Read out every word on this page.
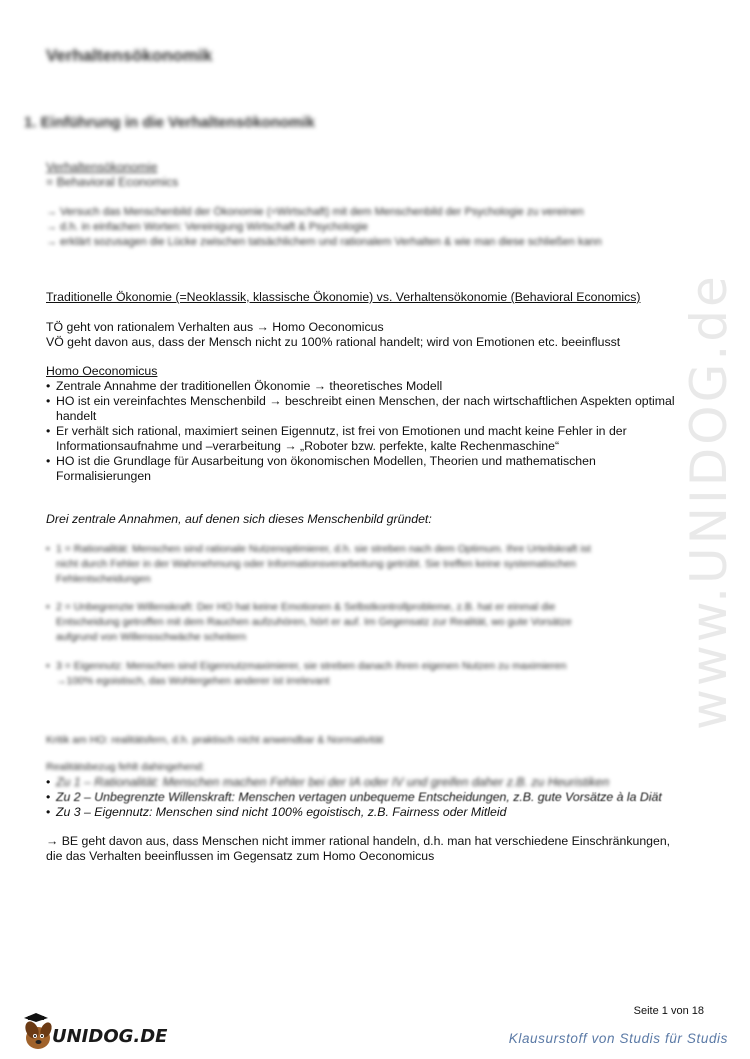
www.UNIDOG.de
Verhaltensökonomik
1. Einführung in die Verhaltensökonomik
Verhaltensökonomie
= Behavioral Economics
→ Versuch das Menschenbild der Ökonomie (=Wirtschaft) mit dem Menschenbild der Psychologie zu vereinen
→ d.h. in einfachen Worten: Vereinigung Wirtschaft & Psychologie
→ erklärt sozusagen die Lücke zwischen tatsächlichem und rationalem Verhalten & wie man diese schließen kann
Traditionelle Ökonomie (=Neoklassik, klassische Ökonomie) vs. Verhaltensökonomie (Behavioral Economics)
TÖ geht von rationalem Verhalten aus → Homo Oeconomicus
VÖ geht davon aus, dass der Mensch nicht zu 100% rational handelt; wird von Emotionen etc. beeinflusst
Homo Oeconomicus
• Zentrale Annahme der traditionellen Ökonomie → theoretisches Modell
• HO ist ein vereinfachtes Menschenbild → beschreibt einen Menschen, der nach wirtschaftlichen Aspekten optimal
handelt
• Er verhält sich rational, maximiert seinen Eigennutz, ist frei von Emotionen und macht keine Fehler in der
Informationsaufnahme und –verarbeitung → „Roboter bzw. perfekte, kalte Rechenmaschine“
• HO ist die Grundlage für Ausarbeitung von ökonomischen Modellen, Theorien und mathematischen
Formalisierungen
Drei zentrale Annahmen, auf denen sich dieses Menschenbild gründet:
• 1 = Rationalität: Menschen sind rationale Nutzenoptimierer, d.h. sie streben nach dem Optimum. Ihre Urteilskraft ist
nicht durch Fehler in der Wahrnehmung oder Informationsverarbeitung getrübt. Sie treffen keine systematischen
Fehlentscheidungen
• 2 = Unbegrenzte Willenskraft: Der HO hat keine Emotionen & Selbstkontrollprobleme, z.B. hat er einmal die
Entscheidung getroffen mit dem Rauchen aufzuhören, hört er auf. Im Gegensatz zur Realität, wo gute Vorsätze
aufgrund von Willensschwäche scheitern
• 3 = Eigennutz: Menschen sind Eigennutzmaximierer, sie streben danach ihren eigenen Nutzen zu maximieren
→100% egoistisch, das Wohlergehen anderer ist irrelevant
Kritik am HO: realitätsfern, d.h. praktisch nicht anwendbar & Normativität
Realitätsbezug fehlt dahingehend:
• Zu 1 – Rationalität: Menschen machen Fehler bei der IA oder IV und greifen daher z.B. zu Heuristiken
• Zu 2 – Unbegrenzte Willenskraft: Menschen vertagen unbequeme Entscheidungen, z.B. gute Vorsätze à la Diät
• Zu 3 – Eigennutz: Menschen sind nicht 100% egoistisch, z.B. Fairness oder Mitleid
→ BE geht davon aus, dass Menschen nicht immer rational handeln, d.h. man hat verschiedene Einschränkungen,
die das Verhalten beeinflussen im Gegensatz zum Homo Oeconomicus
Seite 1 von 18
UNIDOG.DE	Klausurstoff von Studis für Studis
